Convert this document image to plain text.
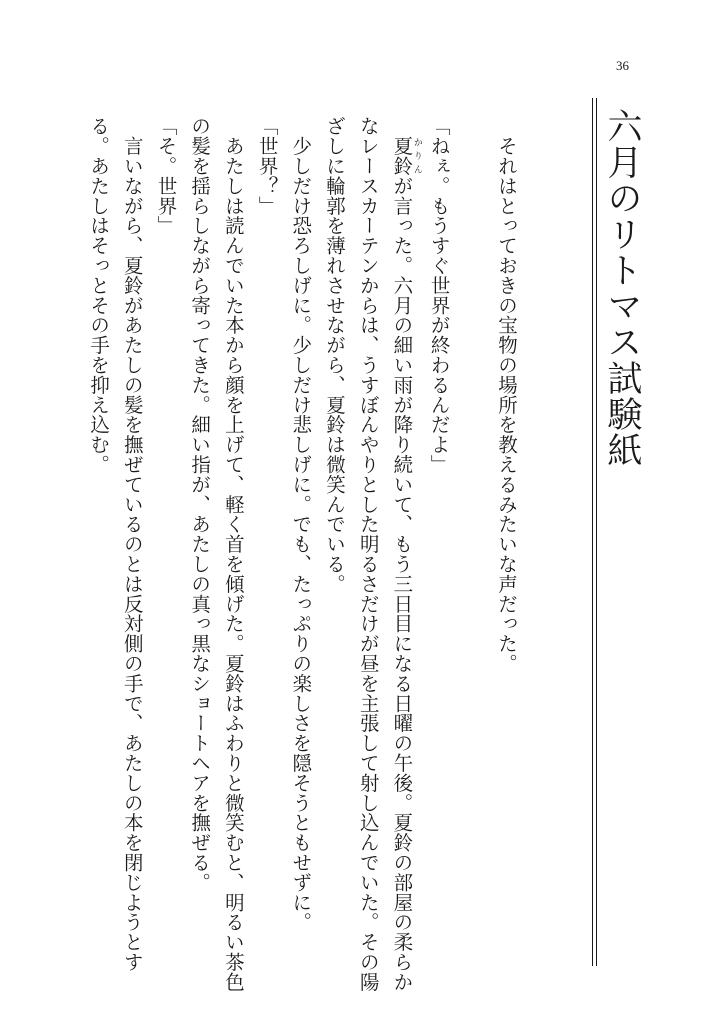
36
六月のリトマス試験紙

　それはとっておきの宝物の場所を教えるみたいな声だった。

「ねぇ。もうすぐ世界が終わるんだよ」

　夏鈴かりんが言った。六月の細い雨が降り続いて、もう三日目になる日曜の午後。夏鈴の部屋の柔らかなレースカーテンからは、うすぼんやりとした明るさだけが昼を主張して射し込んでいた。その陽ざしに輪郭を薄れさせながら、夏鈴は微笑んでいる。

　少しだけ恐ろしげに。少しだけ悲しげに。でも、たっぷりの楽しさを隠そうともせずに。

「世界？」

　あたしは読んでいた本から顔を上げて、軽く首を傾げた。夏鈴はふわりと微笑むと、明るい茶色の髪を揺らしながら寄ってきた。細い指が、あたしの真っ黒なショートヘアを撫ぜる。

「そ。世界」

　言いながら、夏鈴があたしの髪を撫ぜているのとは反対側の手で、あたしの本を閉じようとする。あたしはそっとその手を抑え込む。
